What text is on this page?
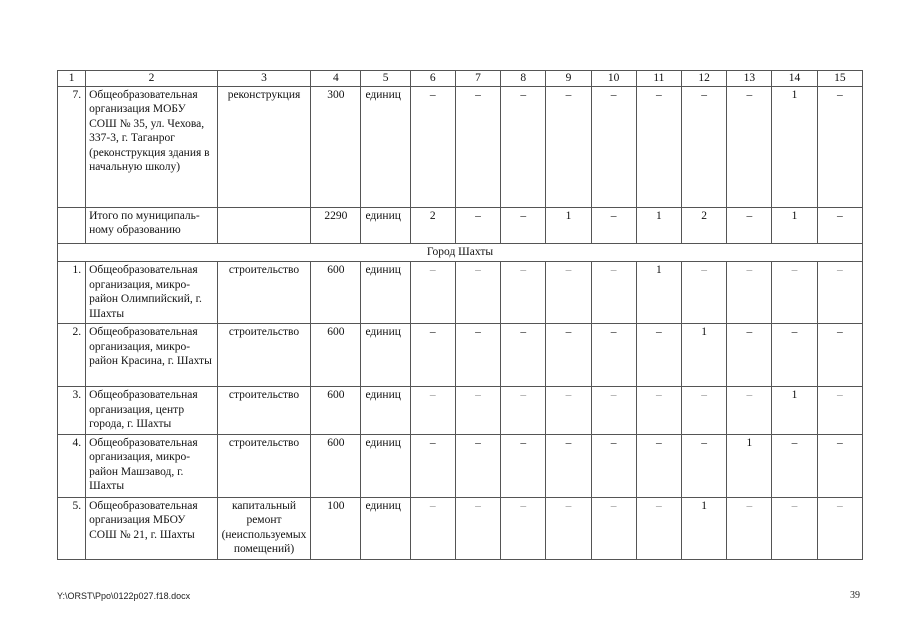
1	2	3	4	5	6	7	8	9	10	11	12	13	14	15
7.	Общеобразовательная организация МОБУ СОШ № 35, ул. Чехова, 337-3, г. Таганрог (реконструкция здания в начальную школу)	реконструкция	300	единиц	–	–	–	–	–	–	–	–	1	–
	Итого по муниципаль-ному образованию		2290	единиц	2	–	–	1	–	1	2	–	1	–
Город Шахты														
1.	Общеобразовательная организация, микро-район Олимпийский, г. Шахты	строительство	600	единиц	–	–	–	–	–	1	–	–	–	–
2.	Общеобразовательная организация, микро-район Красина, г. Шахты	строительство	600	единиц	–	–	–	–	–	–	1	–	–	–
3.	Общеобразовательная организация, центр города, г. Шахты	строительство	600	единиц	–	–	–	–	–	–	–	–	1	–
4.	Общеобразовательная организация, микро-район Машзавод, г. Шахты	строительство	600	единиц	–	–	–	–	–	–	–	1	–	–
5.	Общеобразовательная организация МБОУ СОШ № 21, г. Шахты	капитальный ремонт (неиспользуемых помещений)	100	единиц	–	–	–	–	–	–	1	–	–	–
Y:\ORST\Ppo\0122p027.f18.docx	39
